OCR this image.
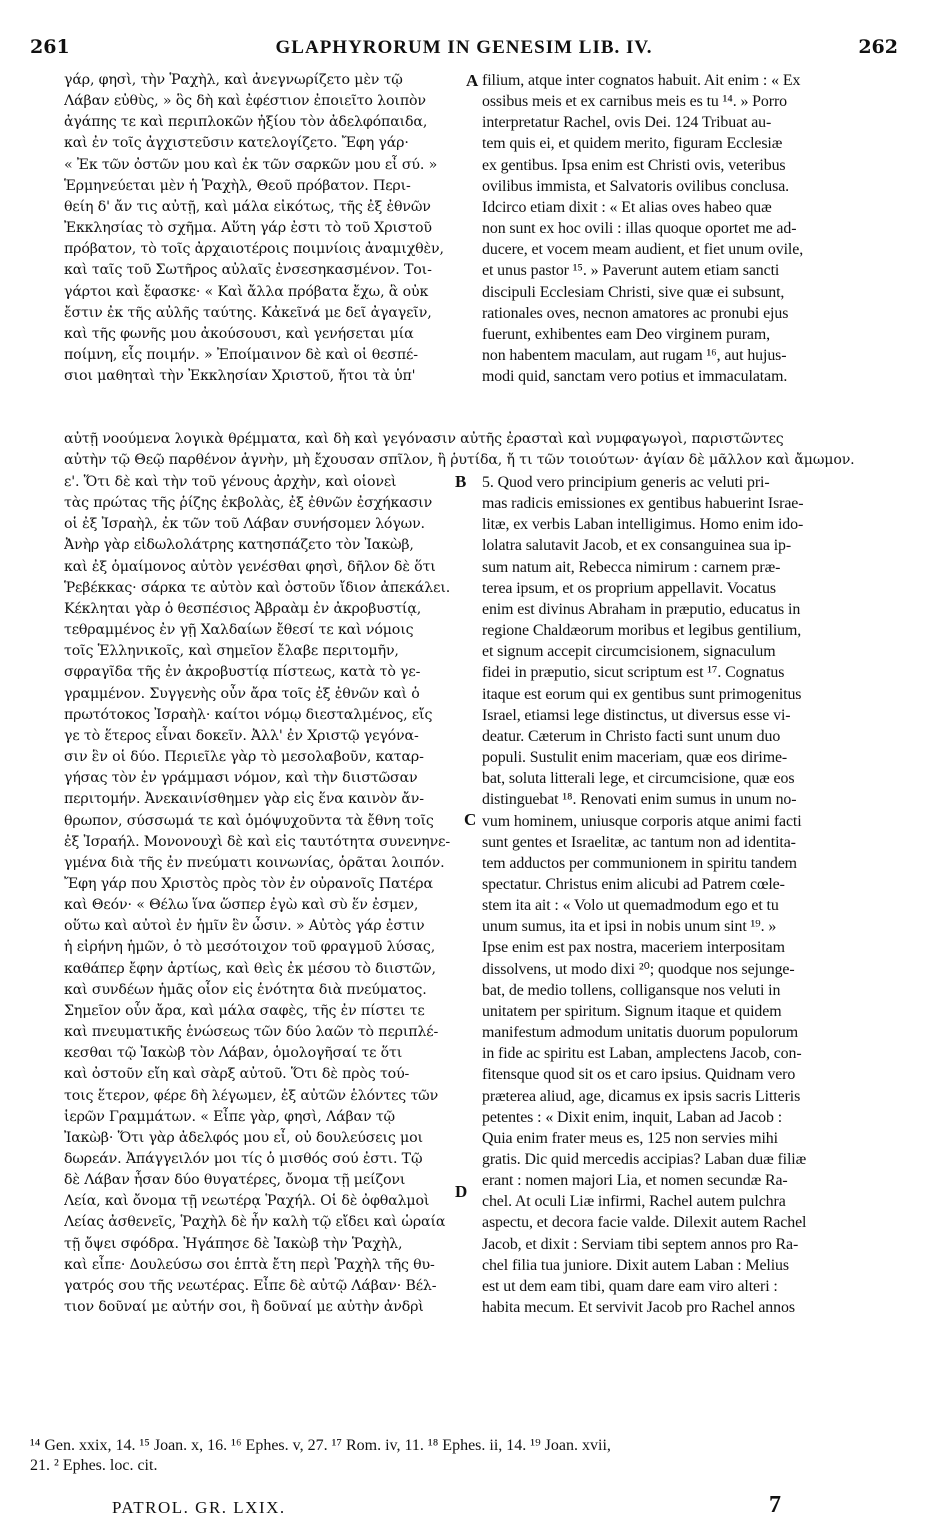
261	GLAPHYRORUM IN GENESIM LIB. IV.	262
γάρ, φησὶ, τὴν Ῥαχὴλ, καὶ ἀνεγνωρίζετο μὲν τῷ
Λάβαν εὐθὺς, » ὃς δὴ καὶ ἐφέστιον ἐποιεῖτο λοιπὸν
ἀγάπης τε καὶ περιπλοκῶν ἠξίου τὸν ἀδελφόπαιδα,
καὶ ἐν τοῖς ἀγχιστεῦσιν κατελογίζετο. Ἔφη γάρ·
« Ἐκ τῶν ὀστῶν μου καὶ ἐκ τῶν σαρκῶν μου εἶ σύ. »
Ἑρμηνεύεται μὲν ἡ Ῥαχὴλ, Θεοῦ πρόβατον. Περι-
θείη δ' ἄν τις αὐτῇ, καὶ μάλα εἰκότως, τῆς ἐξ ἐθνῶν
Ἐκκλησίας τὸ σχῆμα. Αὕτη γάρ ἐστι τὸ τοῦ Χριστοῦ
πρόβατον, τὸ τοῖς ἀρχαιοτέροις ποιμνίοις ἀναμιχθὲν,
καὶ ταῖς τοῦ Σωτῆρος αὐλαῖς ἐνσεσηκασμένον. Τοι-
γάρτοι καὶ ἔφασκε· « Καὶ ἄλλα πρόβατα ἔχω, ἃ οὐκ
ἔστιν ἐκ τῆς αὐλῆς ταύτης. Κἀκεῖνά με δεῖ ἀγαγεῖν,
καὶ τῆς φωνῆς μου ἀκούσουσι, καὶ γενήσεται μία
ποίμνη, εἷς ποιμήν. » Ἐποίμαινον δὲ καὶ οἱ θεσπέ-
σιοι μαθηταὶ τὴν Ἐκκλησίαν Χριστοῦ, ἤτοι τὰ ὑπ'
filium, atque inter cognatos habuit. Ait enim : « Ex
ossibus meis et ex carnibus meis es tu ¹⁴. » Porro
interpretatur Rachel, ovis Dei. 124 Tribuat au-
tem quis ei, et quidem merito, figuram Ecclesiæ
ex gentibus. Ipsa enim est Christi ovis, veteribus
ovilibus immista, et Salvatoris ovilibus conclusa.
Idcirco etiam dixit : « Et alias oves habeo quæ
non sunt ex hoc ovili : illas quoque oportet me ad-
ducere, et vocem meam audient, et fiet unum ovile,
et unus pastor ¹⁵. » Paverunt autem etiam sancti
discipuli Ecclesiam Christi, sive quæ ei subsunt,
rationales oves, necnon amatores ac pronubi ejus
fuerunt, exhibentes eam Deo virginem puram,
non habentem maculam, aut rugam ¹⁶, aut hujus-
modi quid, sanctam vero potius et immaculatam.
A
αὐτῇ νοούμενα λογικὰ θρέμματα, καὶ δὴ καὶ γεγόνασιν αὐτῆς ἐρασταὶ καὶ νυμφαγωγοὶ, παριστῶντες
αὐτὴν τῷ Θεῷ παρθένον ἁγνὴν, μὴ ἔχουσαν σπῖλον, ἢ ῥυτίδα, ἤ τι τῶν τοιούτων· ἁγίαν δὲ μᾶλλον καὶ ἄμωμον.
ε'. Ὅτι δὲ καὶ τὴν τοῦ γένους ἀρχὴν, καὶ οἱονεὶ
τὰς πρώτας τῆς ῥίζης ἐκβολὰς, ἐξ ἐθνῶν ἐσχήκασιν
οἱ ἐξ Ἰσραὴλ, ἐκ τῶν τοῦ Λάβαν συνήσομεν λόγων.
Ἀνὴρ γὰρ εἰδωλολάτρης κατησπάζετο τὸν Ἰακὼβ,
καὶ ἐξ ὁμαίμονος αὐτὸν γενέσθαι φησὶ, δῆλον δὲ ὅτι
Ῥεβέκκας· σάρκα τε αὐτὸν καὶ ὀστοῦν ἴδιον ἀπεκάλει.
Κέκληται γὰρ ὁ θεσπέσιος Ἀβραὰμ ἐν ἀκροβυστίᾳ,
τεθραμμένος ἐν γῇ Χαλδαίων ἔθεσί τε καὶ νόμοις
τοῖς Ἑλληνικοῖς, καὶ σημεῖον ἔλαβε περιτομῆν,
σφραγῖδα τῆς ἐν ἀκροβυστίᾳ πίστεως, κατὰ τὸ γε-
γραμμένον. Συγγενὴς οὖν ἄρα τοῖς ἐξ ἐθνῶν καὶ ὁ
πρωτότοκος Ἰσραὴλ· καίτοι νόμῳ διεσταλμένος, εἴς
γε τὸ ἕτερος εἶναι δοκεῖν. Ἀλλ' ἐν Χριστῷ γεγόνα-
σιν ἓν οἱ δύο. Περιεῖλε γὰρ τὸ μεσολαβοῦν, καταρ-
γήσας τὸν ἐν γράμμασι νόμον, καὶ τὴν διιστῶσαν
περιτομήν. Ἀνεκαινίσθημεν γὰρ εἰς ἕνα καινὸν ἄν-
θρωπον, σύσσωμά τε καὶ ὁμόψυχοῦντα τὰ ἔθνη τοῖς
ἐξ Ἰσραήλ. Μονονουχὶ δὲ καὶ εἰς ταυτότητα συνενηνε-
γμένα διὰ τῆς ἐν πνεύματι κοινωνίας, ὁρᾶται λοιπόν.
Ἔφη γάρ που Χριστὸς πρὸς τὸν ἐν οὐρανοῖς Πατέρα
καὶ Θεόν· « Θέλω ἵνα ὥσπερ ἐγὼ καὶ σὺ ἕν ἐσμεν,
οὕτω καὶ αὐτοὶ ἐν ἡμῖν ἓν ὦσιν. » Αὐτὸς γάρ ἐστιν
ἡ εἰρήνη ἡμῶν, ὁ τὸ μεσότοιχον τοῦ φραγμοῦ λύσας,
καθάπερ ἔφην ἀρτίως, καὶ θεὶς ἐκ μέσου τὸ διιστῶν,
καὶ συνδέων ἡμᾶς οἷον εἰς ἑνότητα διὰ πνεύματος.
Σημεῖον οὖν ἄρα, καὶ μάλα σαφὲς, τῆς ἐν πίστει τε
καὶ πνευματικῆς ἑνώσεως τῶν δύο λαῶν τὸ περιπλέ-
κεσθαι τῷ Ἰακὼβ τὸν Λάβαν, ὁμολογῆσαί τε ὅτι
καὶ ὀστοῦν εἴη καὶ σὰρξ αὐτοῦ. Ὅτι δὲ πρὸς τού-
τοις ἕτερον, φέρε δὴ λέγωμεν, ἐξ αὐτῶν ἑλόντες τῶν
ἱερῶν Γραμμάτων. « Εἶπε γὰρ, φησὶ, Λάβαν τῷ
Ἰακὼβ· Ὅτι γὰρ ἀδελφός μου εἶ, οὐ δουλεύσεις μοι
δωρεάν. Ἀπάγγειλόν μοι τίς ὁ μισθός σού ἐστι. Τῷ
δὲ Λάβαν ἦσαν δύο θυγατέρες, ὄνομα τῇ μείζονι
Λεία, καὶ ὄνομα τῇ νεωτέρᾳ Ῥαχήλ. Οἱ δὲ ὀφθαλμοὶ
Λείας ἀσθενεῖς, Ῥαχὴλ δὲ ἦν καλὴ τῷ εἴδει καὶ ὡραία
τῇ ὄψει σφόδρα. Ἠγάπησε δὲ Ἰακὼβ τὴν Ῥαχὴλ,
καὶ εἶπε· Δουλεύσω σοι ἑπτὰ ἔτη περὶ Ῥαχὴλ τῆς θυ-
γατρός σου τῆς νεωτέρας. Εἶπε δὲ αὐτῷ Λάβαν· Βέλ-
τιον δοῦναί με αὐτήν σοι, ἢ δοῦναί με αὐτὴν ἀνδρὶ
5. Quod vero principium generis ac veluti pri-
mas radicis emissiones ex gentibus habuerint Israe-
litæ, ex verbis Laban intelligimus. Homo enim ido-
lolatra salutavit Jacob, et ex consanguinea sua ip-
sum natum ait, Rebecca nimirum : carnem præ-
terea ipsum, et os proprium appellavit. Vocatus
enim est divinus Abraham in præputio, educatus in
regione Chaldæorum moribus et legibus gentilium,
et signum accepit circumcisionem, signaculum
fidei in præputio, sicut scriptum est ¹⁷. Cognatus
itaque est eorum qui ex gentibus sunt primogenitus
Israel, etiamsi lege distinctus, ut diversus esse vi-
deatur. Cæterum in Christo facti sunt unum duo
populi. Sustulit enim maceriam, quæ eos dirime-
bat, soluta litterali lege, et circumcisione, quæ eos
distinguebat ¹⁸. Renovati enim sumus in unum no-
vum hominem, uniusque corporis atque animi facti
sunt gentes et Israelitæ, ac tantum non ad identita-
tem adductos per communionem in spiritu tandem
spectatur. Christus enim alicubi ad Patrem cœle-
stem ita ait : « Volo ut quemadmodum ego et tu
unum sumus, ita et ipsi in nobis unum sint ¹⁹. »
Ipse enim est pax nostra, maceriem interpositam
dissolvens, ut modo dixi ²⁰; quodque nos sejunge-
bat, de medio tollens, colligansque nos veluti in
unitatem per spiritum. Signum itaque et quidem
manifestum admodum unitatis duorum populorum
in fide ac spiritu est Laban, amplectens Jacob, con-
fitensque quod sit os et caro ipsius. Quidnam vero
præterea aliud, age, dicamus ex ipsis sacris Litteris
petentes : « Dixit enim, inquit, Laban ad Jacob :
Quia enim frater meus es, 125 non servies mihi
gratis. Dic quid mercedis accipias? Laban duæ filiæ
erant : nomen majori Lia, et nomen secundæ Ra-
chel. At oculi Liæ infirmi, Rachel autem pulchra
aspectu, et decora facie valde. Dilexit autem Rachel
Jacob, et dixit : Serviam tibi septem annos pro Ra-
chel filia tua juniore. Dixit autem Laban : Melius
est ut dem eam tibi, quam dare eam viro alteri :
habita mecum. Et servivit Jacob pro Rachel annos
B
C
D
¹⁴ Gen. xxix, 14. ¹⁵ Joan. x, 16. ¹⁶ Ephes. v, 27. ¹⁷ Rom. iv, 11. ¹⁸ Ephes. ii, 14. ¹⁹ Joan. xvii,
21. ² Ephes. loc. cit.
PATROL. GR. LXIX.	7
